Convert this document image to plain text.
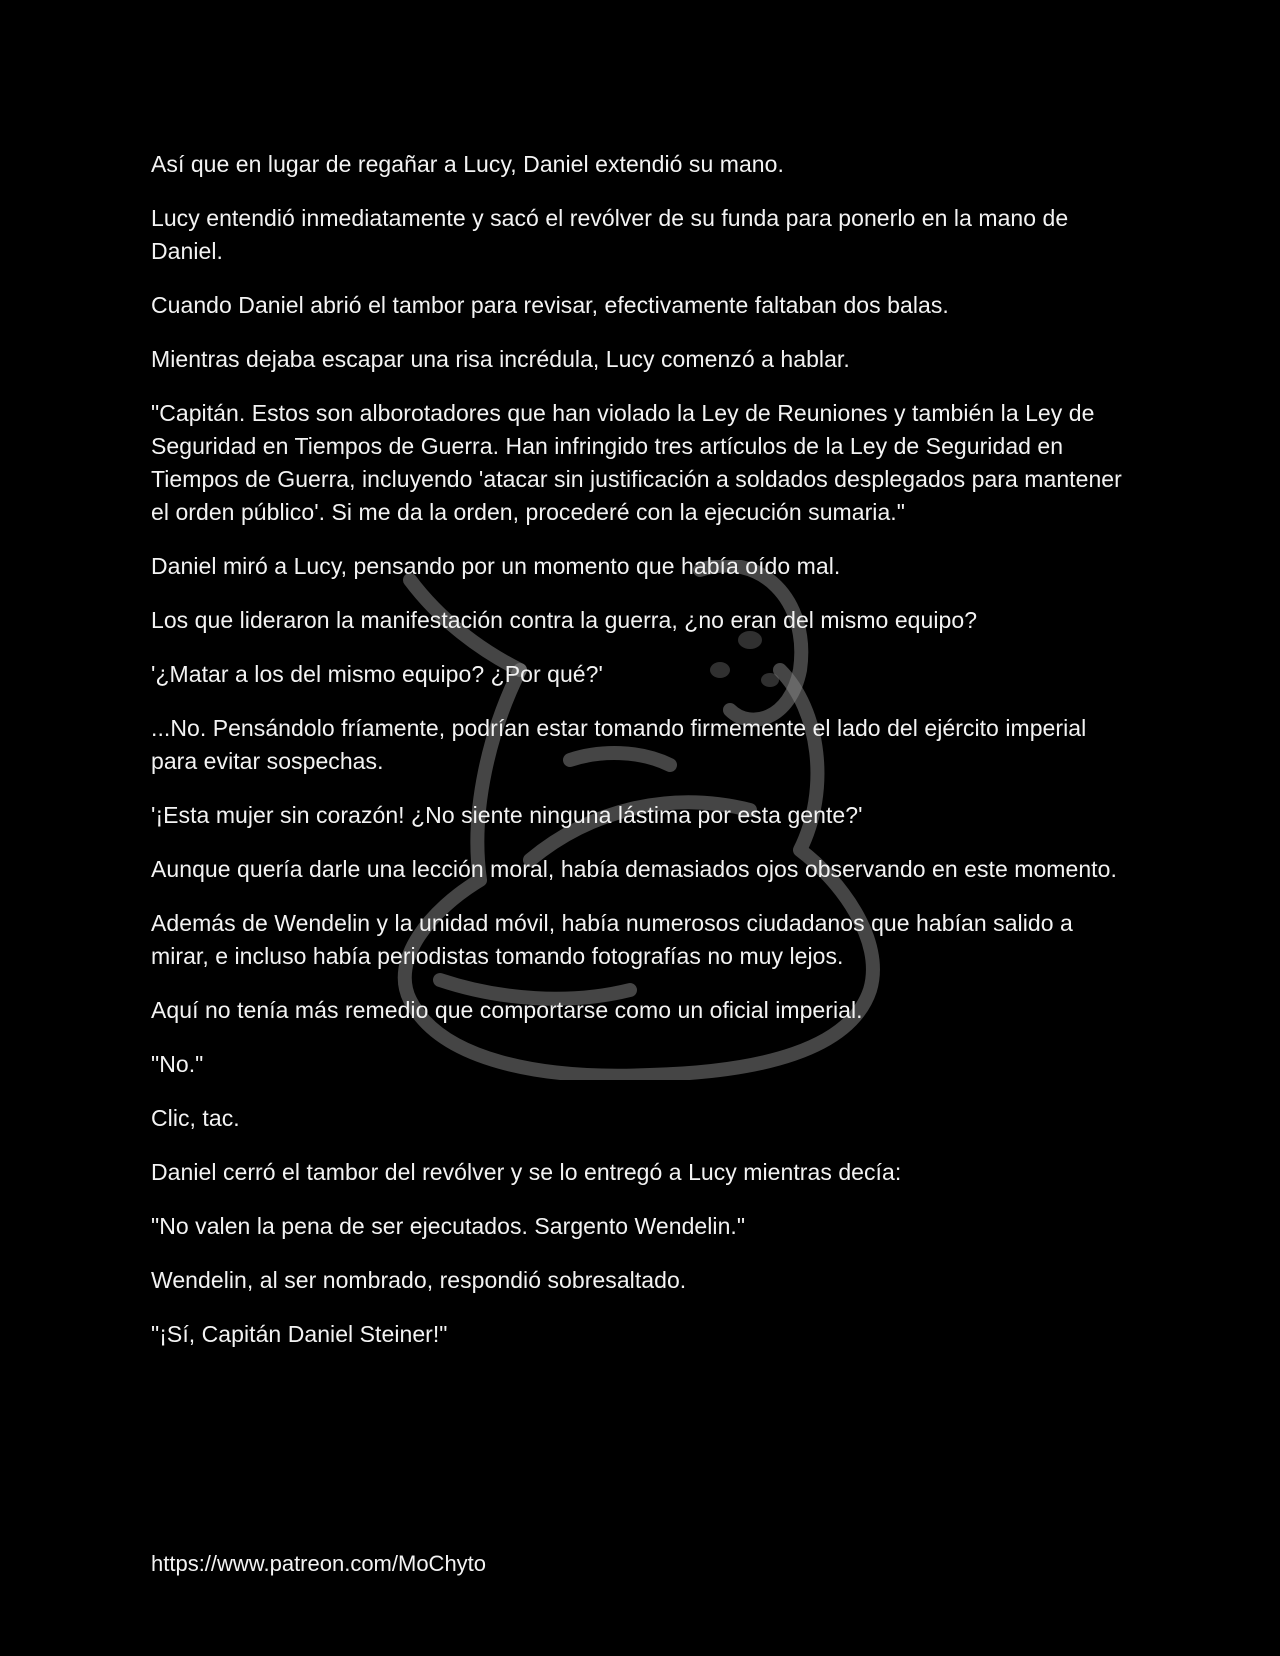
Así que en lugar de regañar a Lucy, Daniel extendió su mano.

Lucy entendió inmediatamente y sacó el revólver de su funda para ponerlo en la mano de Daniel.

Cuando Daniel abrió el tambor para revisar, efectivamente faltaban dos balas.

Mientras dejaba escapar una risa incrédula, Lucy comenzó a hablar.

"Capitán. Estos son alborotadores que han violado la Ley de Reuniones y también la Ley de Seguridad en Tiempos de Guerra. Han infringido tres artículos de la Ley de Seguridad en Tiempos de Guerra, incluyendo 'atacar sin justificación a soldados desplegados para mantener el orden público'. Si me da la orden, procederé con la ejecución sumaria."

Daniel miró a Lucy, pensando por un momento que había oído mal.

Los que lideraron la manifestación contra la guerra, ¿no eran del mismo equipo?

'¿Matar a los del mismo equipo? ¿Por qué?'

...No. Pensándolo fríamente, podrían estar tomando firmemente el lado del ejército imperial para evitar sospechas.

'¡Esta mujer sin corazón! ¿No siente ninguna lástima por esta gente?'

Aunque quería darle una lección moral, había demasiados ojos observando en este momento.

Además de Wendelin y la unidad móvil, había numerosos ciudadanos que habían salido a mirar, e incluso había periodistas tomando fotografías no muy lejos.

Aquí no tenía más remedio que comportarse como un oficial imperial.

"No."

Clic, tac.

Daniel cerró el tambor del revólver y se lo entregó a Lucy mientras decía:

"No valen la pena de ser ejecutados. Sargento Wendelin."

Wendelin, al ser nombrado, respondió sobresaltado.

"¡Sí, Capitán Daniel Steiner!"

https://www.patreon.com/MoChyto
